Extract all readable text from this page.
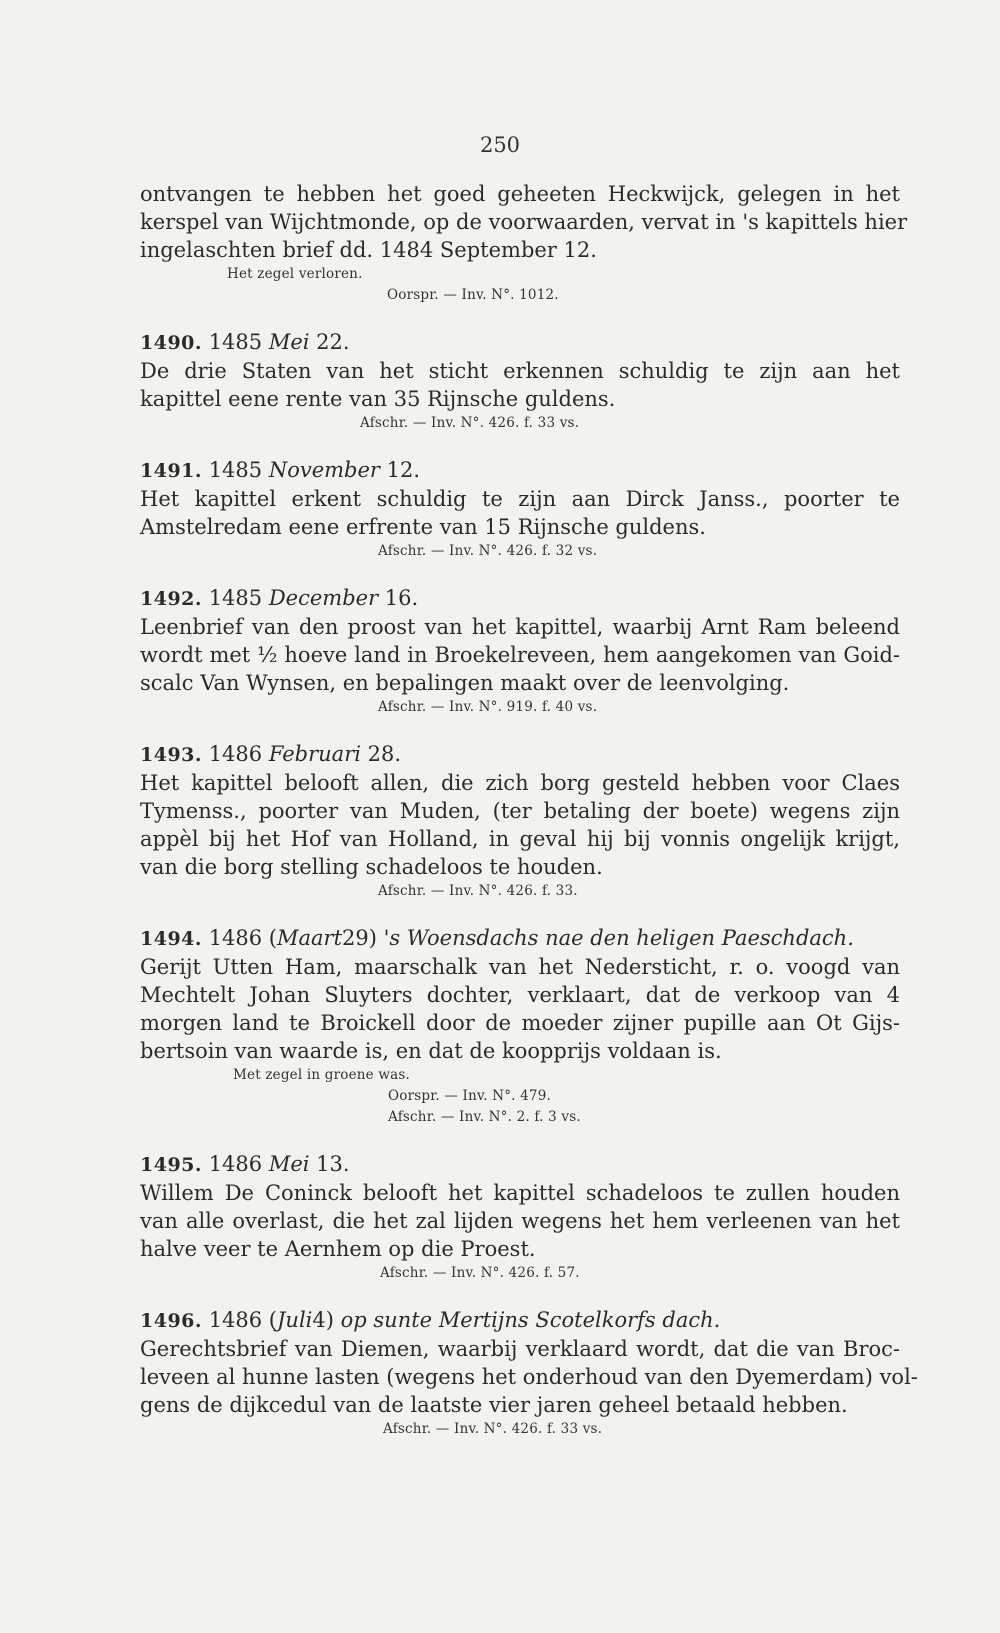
250

ontvangen te hebben het goed geheeten Heckwijck, gelegen in het

kerspel van Wijchtmonde, op de voorwaarden, vervat in 's kapittels hier

ingelaschten brief dd. 1484 September 12.

Het zegel verloren.

Oorspr. — Inv. N°. 1012.

1490. 1485 Mei 22.

De drie Staten van het sticht erkennen schuldig te zijn aan het

kapittel eene rente van 35 Rijnsche guldens.

Afschr. — Inv. N°. 426. f. 33 vs.

1491. 1485 November 12.

Het kapittel erkent schuldig te zijn aan Dirck Janss., poorter te

Amstelredam eene erfrente van 15 Rijnsche guldens.

Afschr. — Inv. N°. 426. f. 32 vs.

1492. 1485 December 16.

Leenbrief van den proost van het kapittel, waarbij Arnt Ram beleend

wordt met ½ hoeve land in Broekelreveen, hem aangekomen van Goid-

scalc Van Wynsen, en bepalingen maakt over de leenvolging.

Afschr. — Inv. N°. 919. f. 40 vs.

1493. 1486 Februari 28.

Het kapittel belooft allen, die zich borg gesteld hebben voor Claes

Tymenss., poorter van Muden, (ter betaling der boete) wegens zijn

appèl bij het Hof van Holland, in geval hij bij vonnis ongelijk krijgt,

van die borg stelling schadeloos te houden.

Afschr. — Inv. N°. 426. f. 33.

1494. 1486 (Maart29) 's Woensdachs nae den heligen Paeschdach.

Gerijt Utten Ham, maarschalk van het Nedersticht, r. o. voogd van

Mechtelt Johan Sluyters dochter, verklaart, dat de verkoop van 4

morgen land te Broickell door de moeder zijner pupille aan Ot Gijs-

bertsoin van waarde is, en dat de koopprijs voldaan is.

Met zegel in groene was.

Oorspr. — Inv. N°. 479.

Afschr. — Inv. N°. 2. f. 3 vs.

1495. 1486 Mei 13.

Willem De Coninck belooft het kapittel schadeloos te zullen houden

van alle overlast, die het zal lijden wegens het hem verleenen van het

halve veer te Aernhem op die Proest.

Afschr. — Inv. N°. 426. f. 57.

1496. 1486 (Juli4) op sunte Mertijns Scotelkorfs dach.

Gerechtsbrief van Diemen, waarbij verklaard wordt, dat die van Broc-

leveen al hunne lasten (wegens het onderhoud van den Dyemerdam) vol-

gens de dijkcedul van de laatste vier jaren geheel betaald hebben.

Afschr. — Inv. N°. 426. f. 33 vs.
